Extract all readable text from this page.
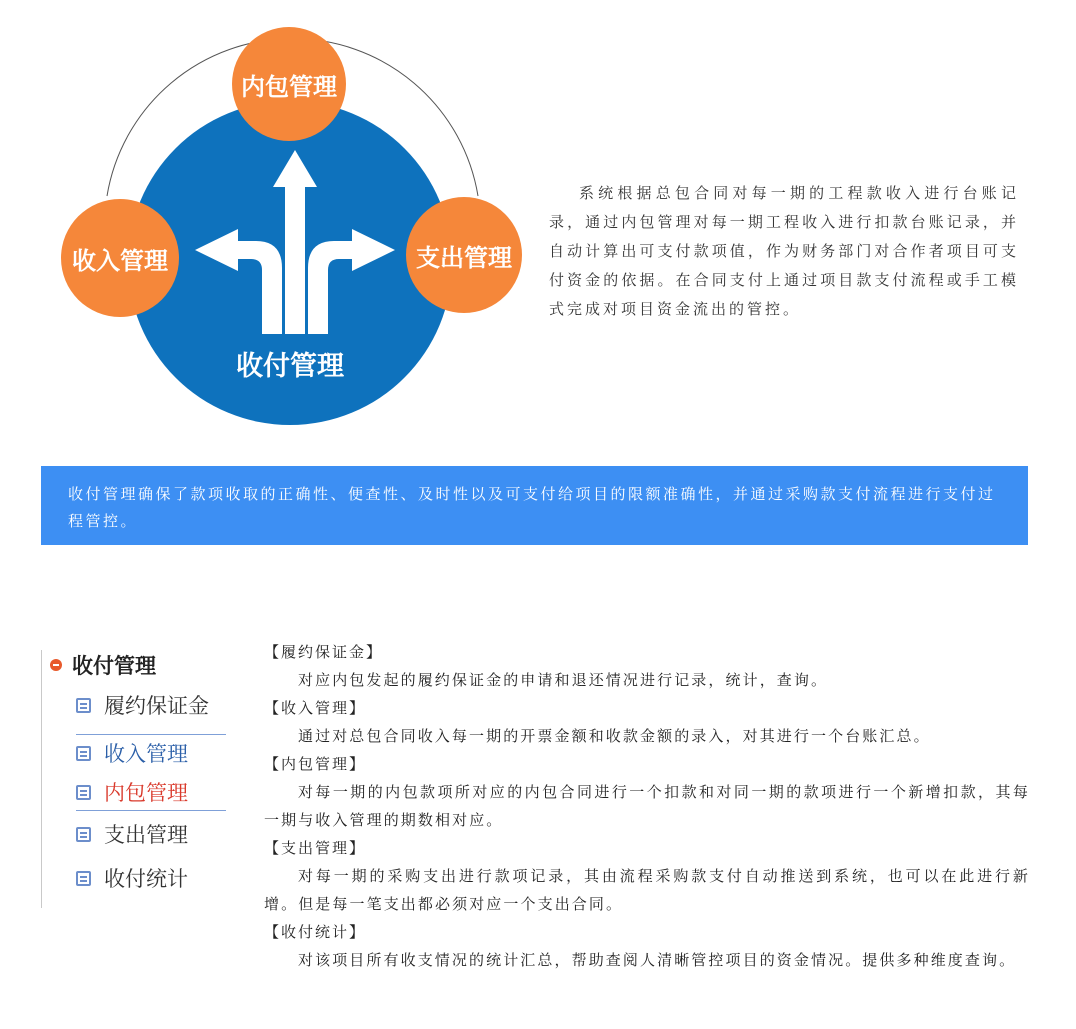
收付管理
内包管理
收入管理	支出管理

系统根据总包合同对每一期的工程款收入进行台账记录，通过内包管理对每一期工程收入进行扣款台账记录，并自动计算出可支付款项值，作为财务部门对合作者项目可支付资金的依据。在合同支付上通过项目款支付流程或手工模式完成对项目资金流出的管控。

收付管理确保了款项收取的正确性、便查性、及时性以及可支付给项目的限额准确性，并通过采购款支付流程进行支付过程管控。

收付管理
履约保证金
收入管理
内包管理
支出管理
收付统计

【履约保证金】

对应内包发起的履约保证金的申请和退还情况进行记录，统计，查询。

【收入管理】

通过对总包合同收入每一期的开票金额和收款金额的录入，对其进行一个台账汇总。

【内包管理】

对每一期的内包款项所对应的内包合同进行一个扣款和对同一期的款项进行一个新增扣款，其每一期与收入管理的期数相对应。

【支出管理】

对每一期的采购支出进行款项记录，其由流程采购款支付自动推送到系统，也可以在此进行新增。但是每一笔支出都必须对应一个支出合同。

【收付统计】

对该项目所有收支情况的统计汇总，帮助查阅人清晰管控项目的资金情况。提供多种维度查询。
